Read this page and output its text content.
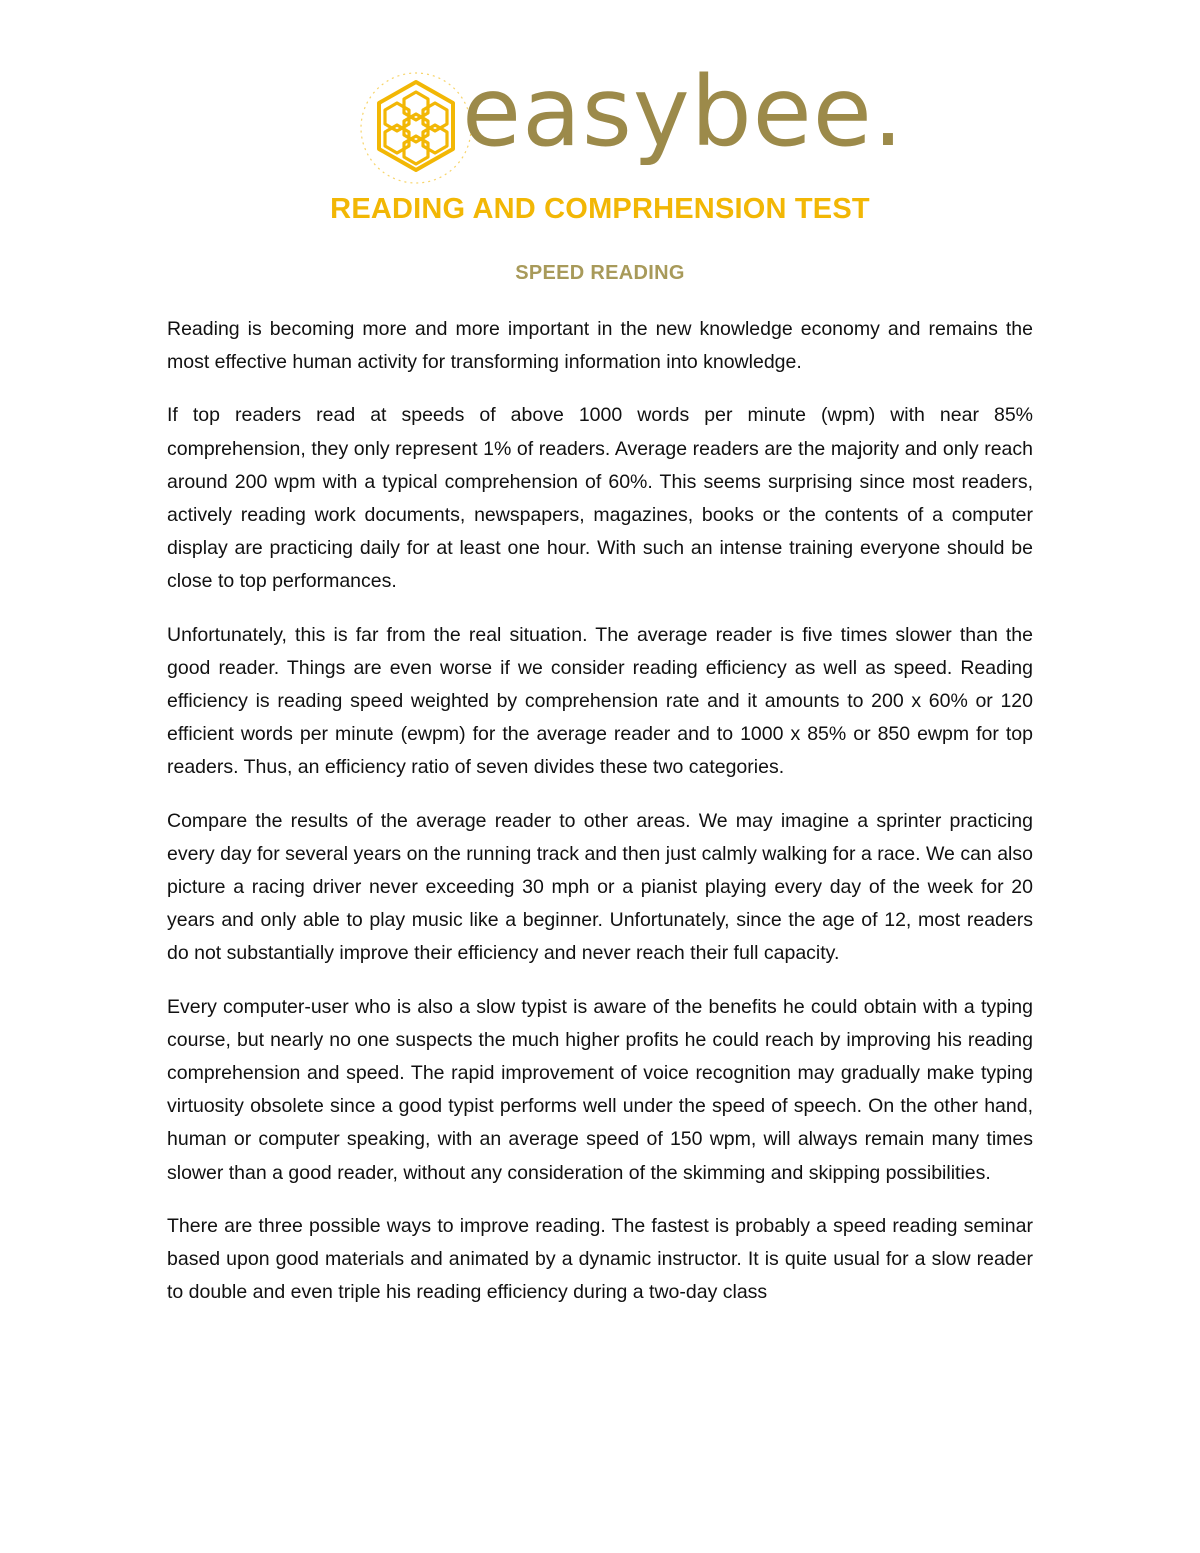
easybee.
READING AND COMPRHENSION TEST
SPEED READING

Reading is becoming more and more important in the new knowledge economy and remains the most effective human activity for transforming information into knowledge.

If top readers read at speeds of above 1000 words per minute (wpm) with near 85% comprehension, they only represent 1% of readers. Average readers are the majority and only reach around 200 wpm with a typical comprehension of 60%. This seems surprising since most readers, actively reading work documents, newspapers, magazines, books or the contents of a computer display are practicing daily for at least one hour. With such an intense training everyone should be close to top performances.

Unfortunately, this is far from the real situation. The average reader is five times slower than the good reader. Things are even worse if we consider reading efficiency as well as speed. Reading efficiency is reading speed weighted by comprehension rate and it amounts to 200 x 60% or 120 efficient words per minute (ewpm) for the average reader and to 1000 x 85% or 850 ewpm for top readers. Thus, an efficiency ratio of seven divides these two categories.

Compare the results of the average reader to other areas. We may imagine a sprinter practicing every day for several years on the running track and then just calmly walking for a race. We can also picture a racing driver never exceeding 30 mph or a pianist playing every day of the week for 20 years and only able to play music like a beginner. Unfortunately, since the age of 12, most readers do not substantially improve their efficiency and never reach their full capacity.

Every computer-user who is also a slow typist is aware of the benefits he could obtain with a typing course, but nearly no one suspects the much higher profits he could reach by improving his reading comprehension and speed. The rapid improvement of voice recognition may gradually make typing virtuosity obsolete since a good typist performs well under the speed of speech. On the other hand, human or computer speaking, with an average speed of 150 wpm, will always remain many times slower than a good reader, without any consideration of the skimming and skipping possibilities.

There are three possible ways to improve reading. The fastest is probably a speed reading seminar based upon good materials and animated by a dynamic instructor. It is quite usual for a slow reader to double and even triple his reading efficiency during a two-day class
